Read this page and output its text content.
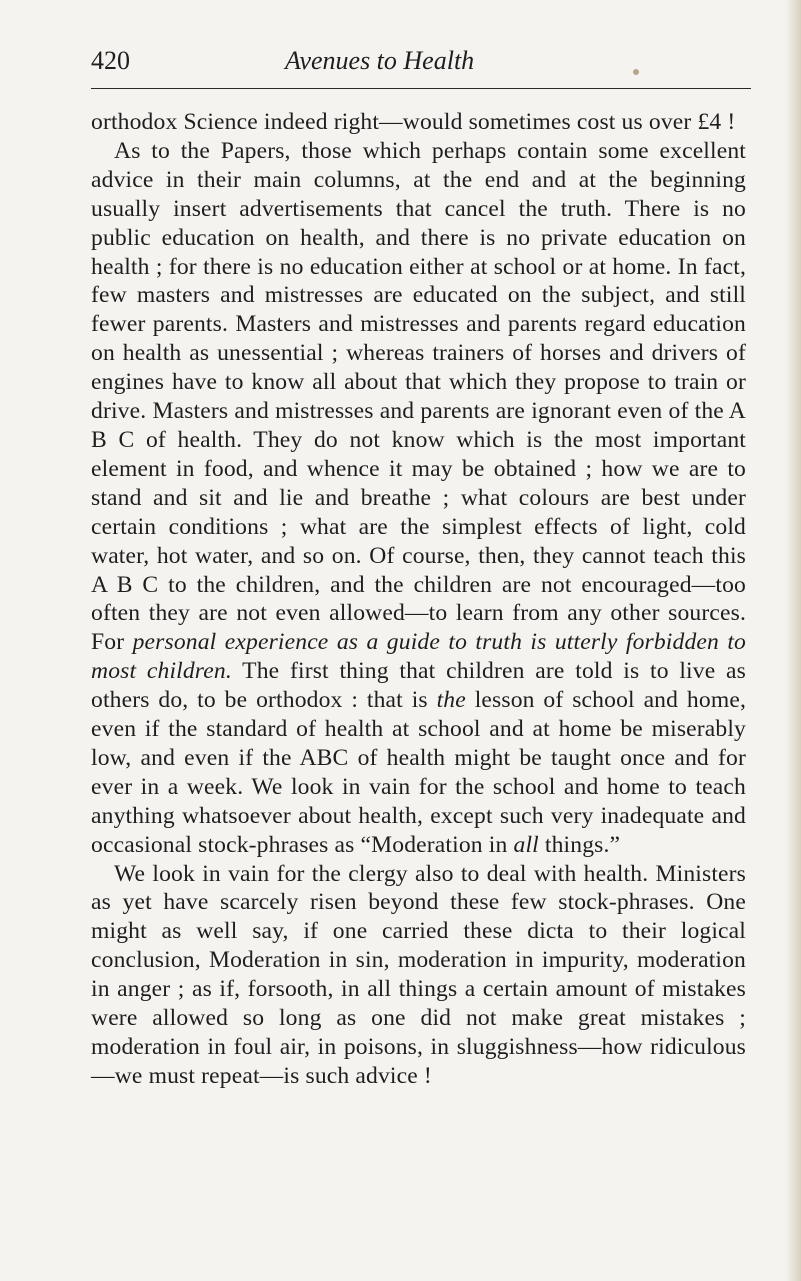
420	Avenues to Health

orthodox Science indeed right—would sometimes cost us over £4 !

As to the Papers, those which perhaps contain some excellent advice in their main columns, at the end and at the beginning usually insert advertisements that cancel the truth. There is no public education on health, and there is no private education on health ; for there is no education either at school or at home. In fact, few masters and mistresses are educated on the subject, and still fewer parents. Masters and mistresses and parents regard education on health as unessential ; whereas trainers of horses and drivers of engines have to know all about that which they propose to train or drive. Masters and mistresses and parents are ignorant even of the A B C of health. They do not know which is the most important element in food, and whence it may be obtained ; how we are to stand and sit and lie and breathe ; what colours are best under certain conditions ; what are the simplest effects of light, cold water, hot water, and so on. Of course, then, they cannot teach this A B C to the children, and the children are not encouraged—too often they are not even allowed—to learn from any other sources. For personal experience as a guide to truth is utterly forbidden to most children. The first thing that children are told is to live as others do, to be orthodox : that is the lesson of school and home, even if the standard of health at school and at home be miserably low, and even if the ABC of health might be taught once and for ever in a week. We look in vain for the school and home to teach anything whatsoever about health, except such very inadequate and occasional stock-phrases as “Moderation in all things.”

We look in vain for the clergy also to deal with health. Ministers as yet have scarcely risen beyond these few stock-phrases. One might as well say, if one carried these dicta to their logical conclusion, Moderation in sin, moderation in impurity, moderation in anger ; as if, forsooth, in all things a certain amount of mistakes were allowed so long as one did not make great mistakes ; moderation in foul air, in poisons, in sluggishness—how ridiculous—we must repeat—is such advice !
